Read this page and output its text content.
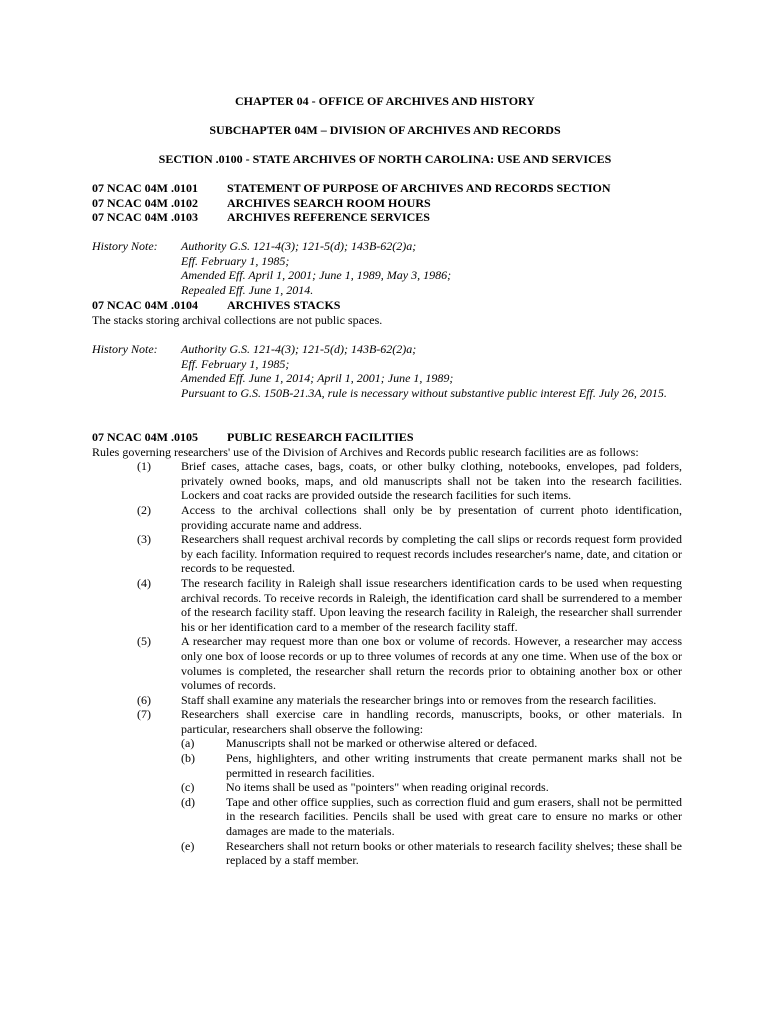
CHAPTER 04 - OFFICE OF ARCHIVES AND HISTORY
SUBCHAPTER 04M – DIVISION OF ARCHIVES AND RECORDS
SECTION .0100 - STATE ARCHIVES OF NORTH CAROLINA: USE AND SERVICES
07 NCAC 04M .0101 STATEMENT OF PURPOSE OF ARCHIVES AND RECORDS SECTION
07 NCAC 04M .0102 ARCHIVES SEARCH ROOM HOURS
07 NCAC 04M .0103 ARCHIVES REFERENCE SERVICES
History Note: Authority G.S. 121-4(3); 121-5(d); 143B-62(2)a;
Eff. February 1, 1985;
Amended Eff. April 1, 2001; June 1, 1989, May 3, 1986;
Repealed Eff. June 1, 2014.
07 NCAC 04M .0104 ARCHIVES STACKS
The stacks storing archival collections are not public spaces.
History Note: Authority G.S. 121-4(3); 121-5(d); 143B-62(2)a;
Eff. February 1, 1985;
Amended Eff. June 1, 2014; April 1, 2001; June 1, 1989;
Pursuant to G.S. 150B-21.3A, rule is necessary without substantive public interest Eff. July 26, 2015.
07 NCAC 04M .0105 PUBLIC RESEARCH FACILITIES
Rules governing researchers' use of the Division of Archives and Records public research facilities are as follows:
(1)	Brief cases, attache cases, bags, coats, or other bulky clothing, notebooks, envelopes, pad folders, privately owned books, maps, and old manuscripts shall not be taken into the research facilities. Lockers and coat racks are provided outside the research facilities for such items.
(2)	Access to the archival collections shall only be by presentation of current photo identification, providing accurate name and address.
(3)	Researchers shall request archival records by completing the call slips or records request form provided by each facility. Information required to request records includes researcher's name, date, and citation or records to be requested.
(4)	The research facility in Raleigh shall issue researchers identification cards to be used when requesting archival records. To receive records in Raleigh, the identification card shall be surrendered to a member of the research facility staff. Upon leaving the research facility in Raleigh, the researcher shall surrender his or her identification card to a member of the research facility staff.
(5)	A researcher may request more than one box or volume of records. However, a researcher may access only one box of loose records or up to three volumes of records at any one time. When use of the box or volumes is completed, the researcher shall return the records prior to obtaining another box or other volumes of records.
(6)	Staff shall examine any materials the researcher brings into or removes from the research facilities.
(7)	Researchers shall exercise care in handling records, manuscripts, books, or other materials. In particular, researchers shall observe the following:
(a)	Manuscripts shall not be marked or otherwise altered or defaced.
(b)	Pens, highlighters, and other writing instruments that create permanent marks shall not be permitted in research facilities.
(c)	No items shall be used as "pointers" when reading original records.
(d)	Tape and other office supplies, such as correction fluid and gum erasers, shall not be permitted in the research facilities. Pencils shall be used with great care to ensure no marks or other damages are made to the materials.
(e)	Researchers shall not return books or other materials to research facility shelves; these shall be replaced by a staff member.
